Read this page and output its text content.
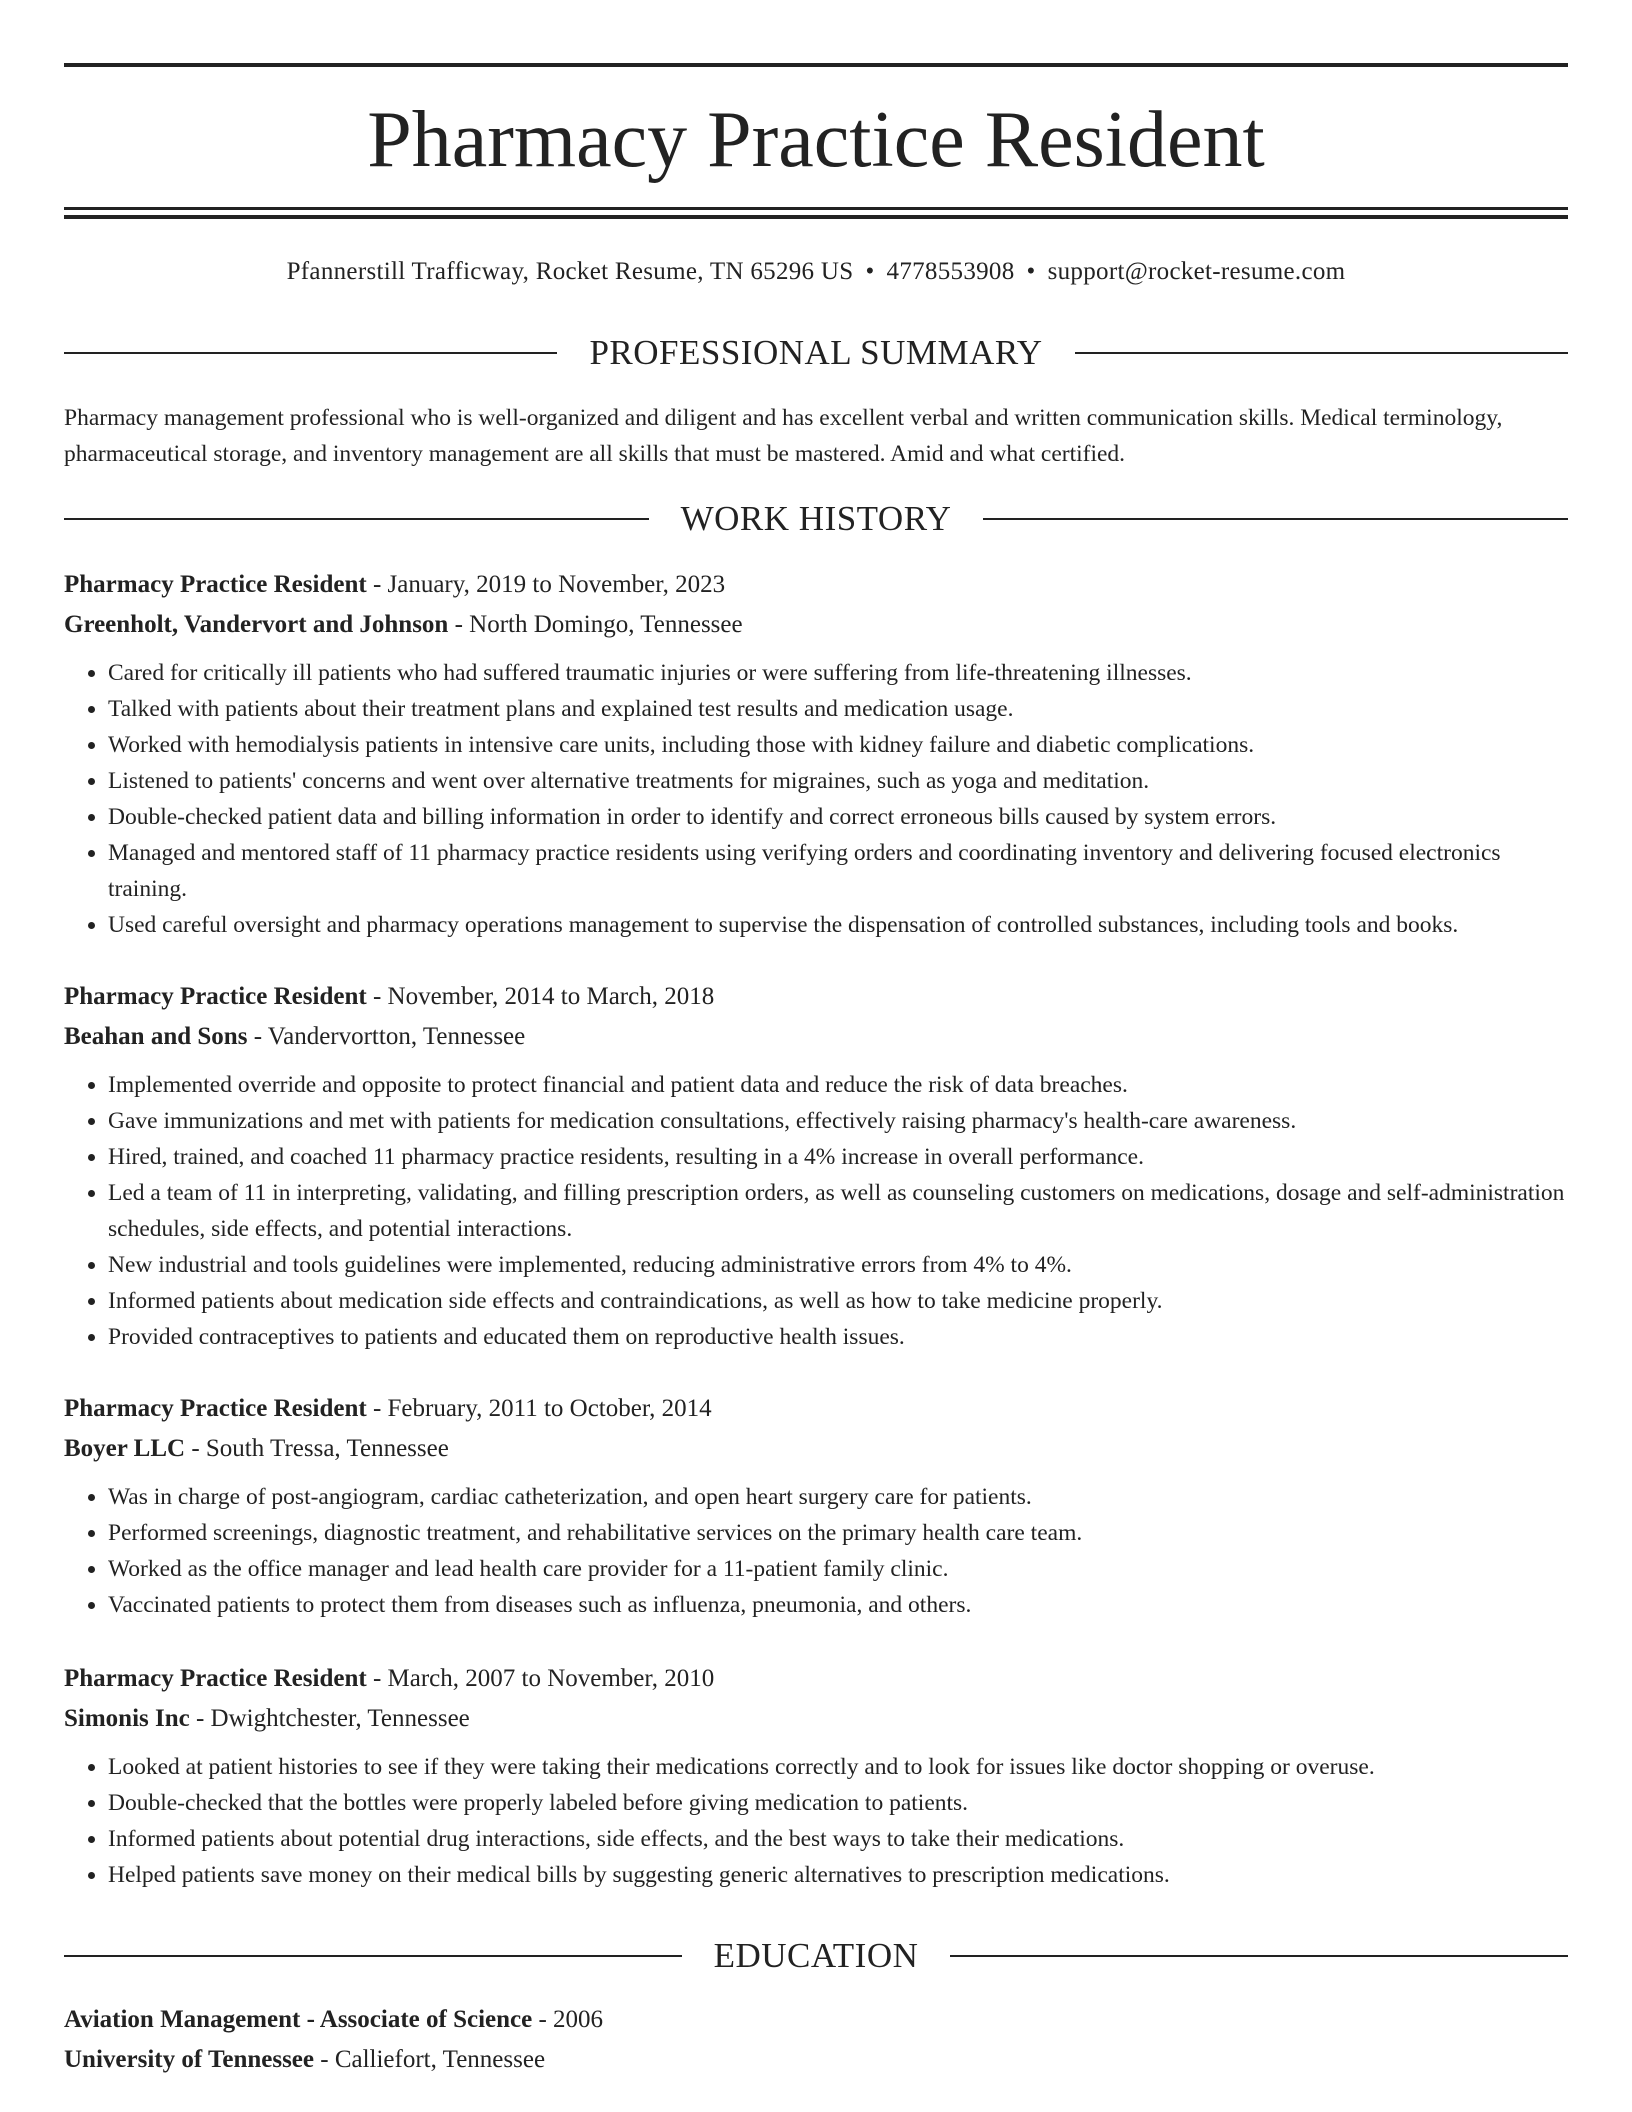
Pharmacy Practice Resident
Pfannerstill Trafficway, Rocket Resume, TN 65296 US • 4778553908 • support@rocket-resume.com
PROFESSIONAL SUMMARY

Pharmacy management professional who is well-organized and diligent and has excellent verbal and written communication skills. Medical terminology, pharmaceutical storage, and inventory management are all skills that must be mastered. Amid and what certified.

WORK HISTORY

Pharmacy Practice Resident - January, 2019 to November, 2023

Greenholt, Vandervort and Johnson - North Domingo, Tennessee

• Cared for critically ill patients who had suffered traumatic injuries or were suffering from life-threatening illnesses.
• Talked with patients about their treatment plans and explained test results and medication usage.
• Worked with hemodialysis patients in intensive care units, including those with kidney failure and diabetic complications.
• Listened to patients' concerns and went over alternative treatments for migraines, such as yoga and meditation.
• Double-checked patient data and billing information in order to identify and correct erroneous bills caused by system errors.
• Managed and mentored staff of 11 pharmacy practice residents using verifying orders and coordinating inventory and delivering focused electronics training.
• Used careful oversight and pharmacy operations management to supervise the dispensation of controlled substances, including tools and books.

Pharmacy Practice Resident - November, 2014 to March, 2018

Beahan and Sons - Vandervortton, Tennessee

• Implemented override and opposite to protect financial and patient data and reduce the risk of data breaches.
• Gave immunizations and met with patients for medication consultations, effectively raising pharmacy's health-care awareness.
• Hired, trained, and coached 11 pharmacy practice residents, resulting in a 4% increase in overall performance.
• Led a team of 11 in interpreting, validating, and filling prescription orders, as well as counseling customers on medications, dosage and self-administration schedules, side effects, and potential interactions.
• New industrial and tools guidelines were implemented, reducing administrative errors from 4% to 4%.
• Informed patients about medication side effects and contraindications, as well as how to take medicine properly.
• Provided contraceptives to patients and educated them on reproductive health issues.

Pharmacy Practice Resident - February, 2011 to October, 2014

Boyer LLC - South Tressa, Tennessee

• Was in charge of post-angiogram, cardiac catheterization, and open heart surgery care for patients.
• Performed screenings, diagnostic treatment, and rehabilitative services on the primary health care team.
• Worked as the office manager and lead health care provider for a 11-patient family clinic.
• Vaccinated patients to protect them from diseases such as influenza, pneumonia, and others.

Pharmacy Practice Resident - March, 2007 to November, 2010

Simonis Inc - Dwightchester, Tennessee

• Looked at patient histories to see if they were taking their medications correctly and to look for issues like doctor shopping or overuse.
• Double-checked that the bottles were properly labeled before giving medication to patients.
• Informed patients about potential drug interactions, side effects, and the best ways to take their medications.
• Helped patients save money on their medical bills by suggesting generic alternatives to prescription medications.
EDUCATION

Aviation Management - Associate of Science - 2006

University of Tennessee - Calliefort, Tennessee
